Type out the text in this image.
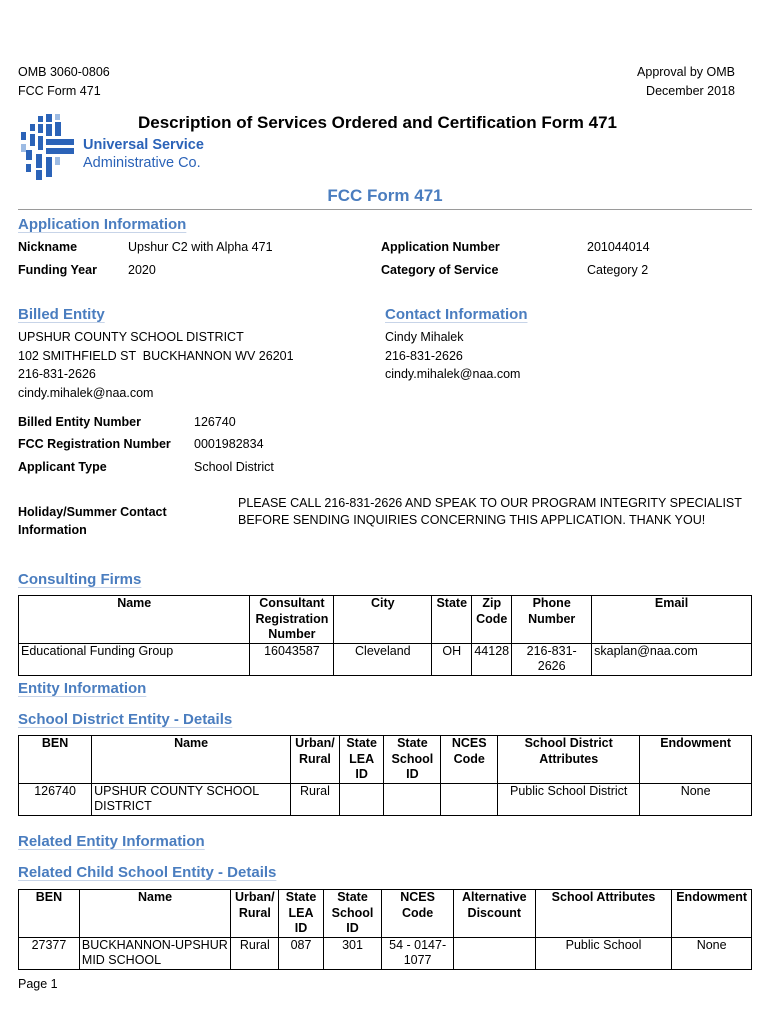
OMB 3060-0806
FCC Form 471
Approval by OMB
December 2018
Universal Service
Administrative Co.
Description of Services Ordered and Certification Form 471
FCC Form 471
Application Information
Nickname	Upshur C2 with Alpha 471	Application Number	201044014
Funding Year 2020	Category of Service	Category 2
Billed Entity	Contact Information
UPSHUR COUNTY SCHOOL DISTRICT
102 SMITHFIELD ST  BUCKHANNON WV 26201
216-831-2626
cindy.mihalek@naa.com
Cindy Mihalek
216-831-2626
cindy.mihalek@naa.com
Billed Entity Number	126740
FCC Registration Number 0001982834
Applicant Type	School District
Holiday/Summer Contact
Information
PLEASE CALL 216-831-2626 AND SPEAK TO OUR PROGRAM INTEGRITY SPECIALIST
BEFORE SENDING INQUIRIES CONCERNING THIS APPLICATION. THANK YOU!
Consulting Firms
Name	Consultant Registration Number	City	State	Zip Code	Phone Number	Email
Educational Funding Group	16043587	Cleveland	OH	44128	216-831-2626	skaplan@naa.com
Entity Information
School District Entity - Details
BEN	Name	Urban/ Rural	State LEA ID	State School ID	NCES Code	School District Attributes	Endowment
126740	UPSHUR COUNTY SCHOOL DISTRICT	Rural				Public School District	None
Related Entity Information
Related Child School Entity - Details
BEN	Name	Urban/ Rural	State LEA ID	State School ID	NCES Code	Alternative Discount	School Attributes	Endowment
27377	BUCKHANNON-UPSHUR MID SCHOOL	Rural	087	301	54 - 0147-1077		Public School	None
Page 1
